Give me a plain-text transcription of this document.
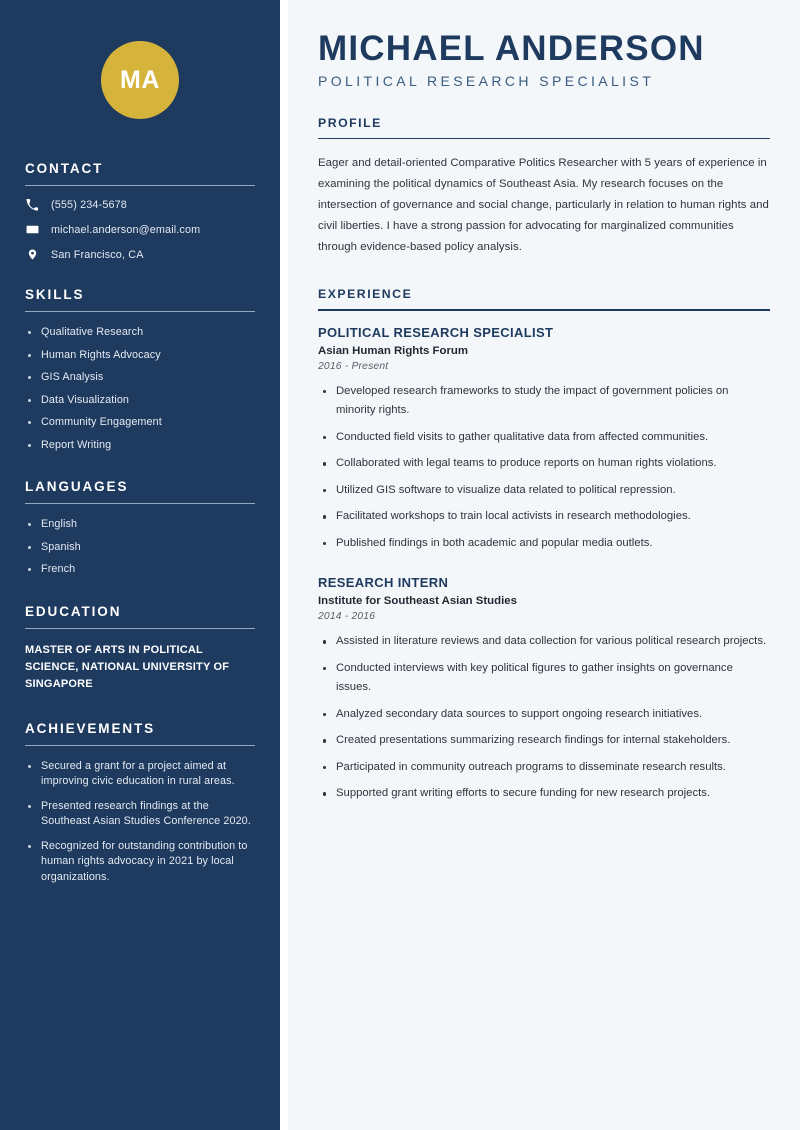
MA
CONTACT
(555) 234-5678
michael.anderson@email.com
San Francisco, CA
SKILLS
Qualitative Research
Human Rights Advocacy
GIS Analysis
Data Visualization
Community Engagement
Report Writing
LANGUAGES
English
Spanish
French
EDUCATION
MASTER OF ARTS IN POLITICAL SCIENCE, NATIONAL UNIVERSITY OF SINGAPORE
ACHIEVEMENTS
Secured a grant for a project aimed at improving civic education in rural areas.
Presented research findings at the Southeast Asian Studies Conference 2020.
Recognized for outstanding contribution to human rights advocacy in 2021 by local organizations.
MICHAEL ANDERSON
POLITICAL RESEARCH SPECIALIST
PROFILE

Eager and detail-oriented Comparative Politics Researcher with 5 years of experience in examining the political dynamics of Southeast Asia. My research focuses on the intersection of governance and social change, particularly in relation to human rights and civil liberties. I have a strong passion for advocating for marginalized communities through evidence-based policy analysis.

EXPERIENCE
POLITICAL RESEARCH SPECIALIST
Asian Human Rights Forum
2016 - Present
Developed research frameworks to study the impact of government policies on minority rights.
Conducted field visits to gather qualitative data from affected communities.
Collaborated with legal teams to produce reports on human rights violations.
Utilized GIS software to visualize data related to political repression.
Facilitated workshops to train local activists in research methodologies.
Published findings in both academic and popular media outlets.
RESEARCH INTERN
Institute for Southeast Asian Studies
2014 - 2016
Assisted in literature reviews and data collection for various political research projects.
Conducted interviews with key political figures to gather insights on governance issues.
Analyzed secondary data sources to support ongoing research initiatives.
Created presentations summarizing research findings for internal stakeholders.
Participated in community outreach programs to disseminate research results.
Supported grant writing efforts to secure funding for new research projects.
